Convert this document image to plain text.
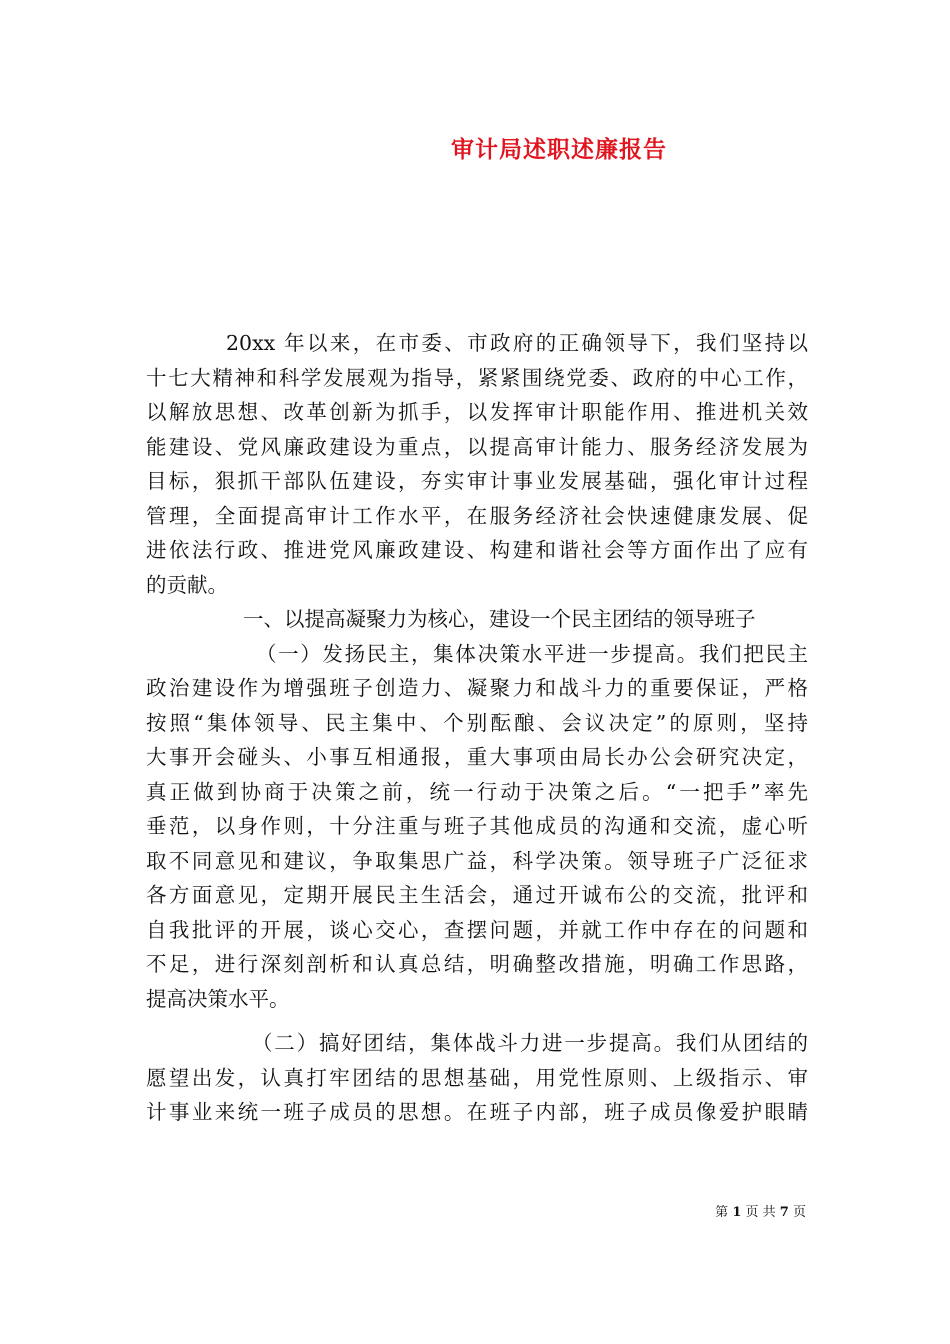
审计局述职述廉报告
20xx 年以来，在市委、市政府的正确领导下，我们坚持以
十七大精神和科学发展观为指导，紧紧围绕党委、政府的中心工作，
以解放思想、改革创新为抓手，以发挥审计职能作用、推进机关效
能建设、党风廉政建设为重点，以提高审计能力、服务经济发展为
目标，狠抓干部队伍建设，夯实审计事业发展基础，强化审计过程
管理，全面提高审计工作水平，在服务经济社会快速健康发展、促
进依法行政、推进党风廉政建设、构建和谐社会等方面作出了应有
的贡献。
一、以提高凝聚力为核心，建设一个民主团结的领导班子
（一）发扬民主，集体决策水平进一步提高。我们把民主
政治建设作为增强班子创造力、凝聚力和战斗力的重要保证，严格
按照“集体领导、民主集中、个别酝酿、会议决定”的原则，坚持
大事开会碰头、小事互相通报，重大事项由局长办公会研究决定，
真正做到协商于决策之前，统一行动于决策之后。“一把手”率先
垂范，以身作则，十分注重与班子其他成员的沟通和交流，虚心听
取不同意见和建议，争取集思广益，科学决策。领导班子广泛征求
各方面意见，定期开展民主生活会，通过开诚布公的交流，批评和
自我批评的开展，谈心交心，查摆问题，并就工作中存在的问题和
不足，进行深刻剖析和认真总结，明确整改措施，明确工作思路，
提高决策水平。
（二）搞好团结，集体战斗力进一步提高。我们从团结的
愿望出发，认真打牢团结的思想基础，用党性原则、上级指示、审
计事业来统一班子成员的思想。在班子内部，班子成员像爱护眼睛
第 1 页 共 7 页
